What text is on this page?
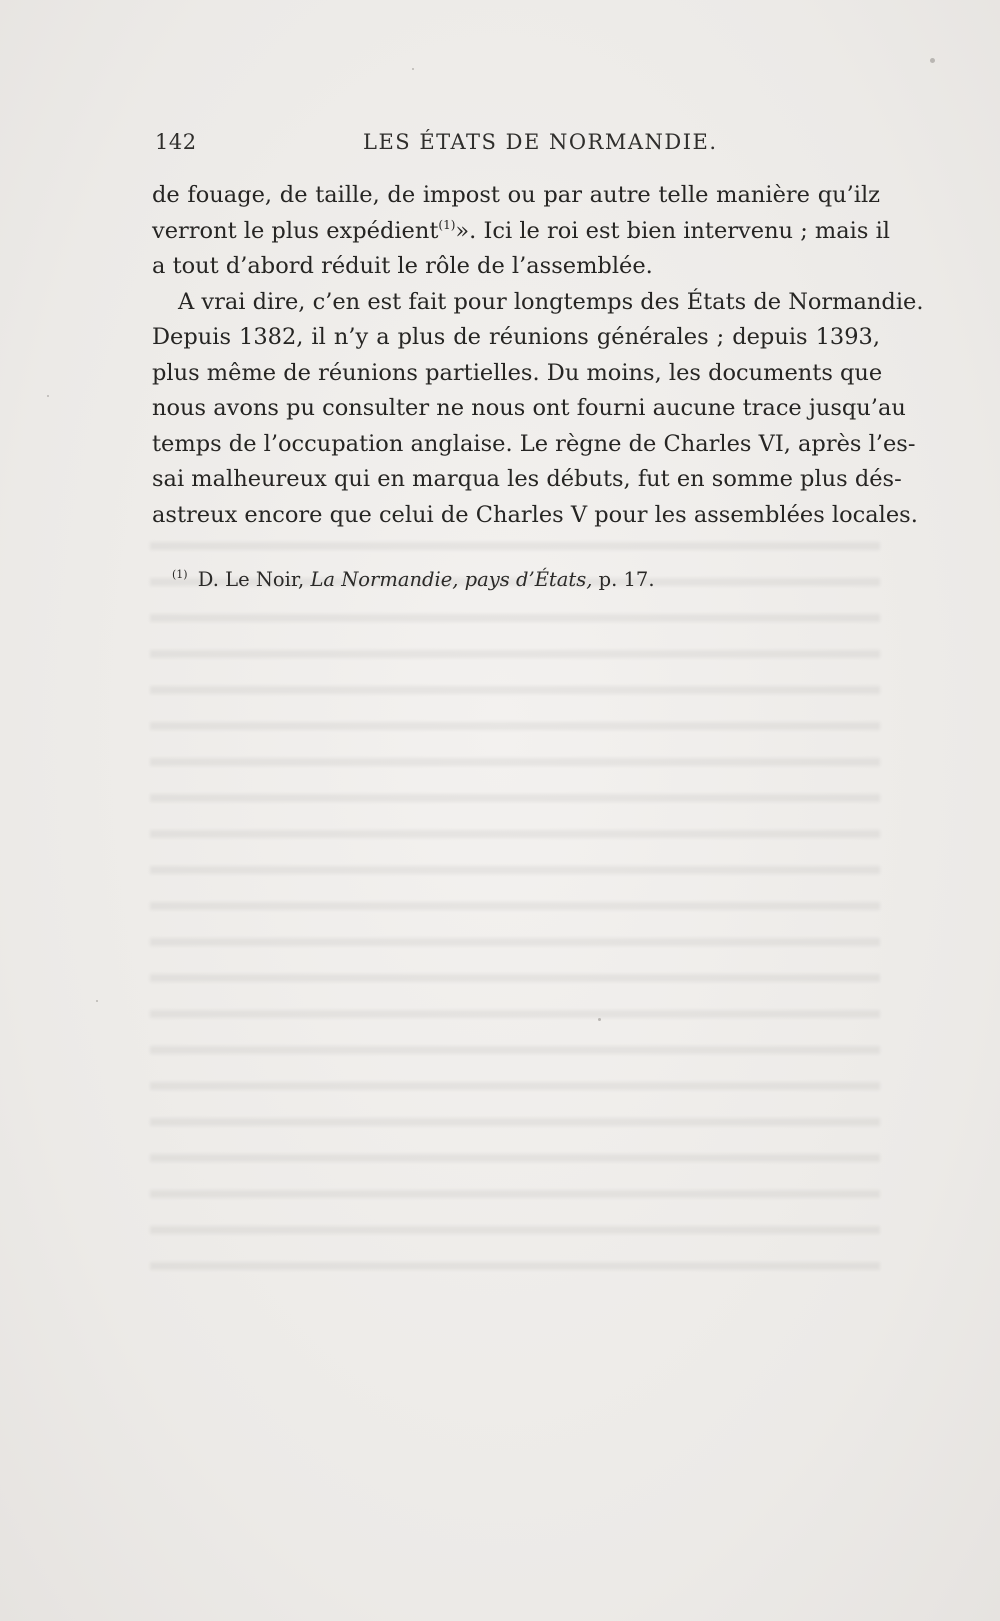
142	LES ÉTATS DE NORMANDIE.
de fouage, de taille, de impost ou par autre telle manière qu’ilz
verront le plus expédient$^{(1)}$». Ici le roi est bien intervenu ; mais il
a tout d’abord réduit le rôle de l’assemblée.
A vrai dire, c’en est fait pour longtemps des États de Normandie.
Depuis 1382, il n’y a plus de réunions générales ; depuis 1393,
plus même de réunions partielles. Du moins, les documents que
nous avons pu consulter ne nous ont fourni aucune trace jusqu’au
temps de l’occupation anglaise. Le règne de Charles VI, après l’es-
sai malheureux qui en marqua les débuts, fut en somme plus dés-
astreux encore que celui de Charles V pour les assemblées locales.
$^{(1)}$ D. Le Noir, La Normandie, pays d’États, p. 17.
